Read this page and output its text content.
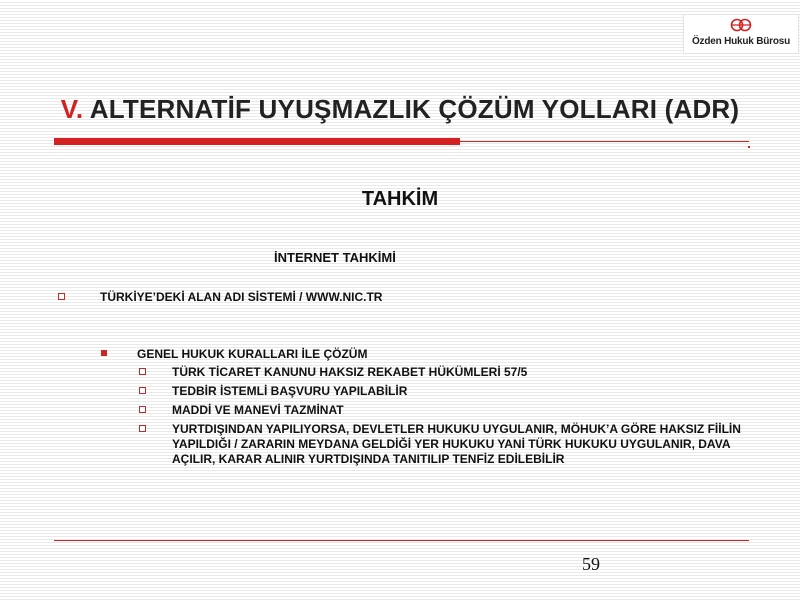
Özden Hukuk Bürosu
V. ALTERNATİF UYUŞMAZLIK ÇÖZÜM YOLLARI (ADR)
TAHKİM
İNTERNET TAHKİMİ
TÜRKİYE’DEKİ ALAN ADI SİSTEMİ / WWW.NIC.TR
GENEL HUKUK KURALLARI İLE ÇÖZÜM
TÜRK TİCARET KANUNU HAKSIZ REKABET HÜKÜMLERİ 57/5
TEDBİR İSTEMLİ BAŞVURU YAPILABİLİR
MADDİ VE MANEVİ TAZMİNAT
YURTDIŞINDAN YAPILIYORSA, DEVLETLER HUKUKU UYGULANIR, MÖHUK’A GÖRE HAKSIZ FİİLİN YAPILDIĞI / ZARARIN MEYDANA GELDİĞİ YER HUKUKU YANİ TÜRK HUKUKU UYGULANIR, DAVA AÇILIR, KARAR ALINIR YURTDIŞINDA TANITILIP TENFİZ EDİLEBİLİR
59
